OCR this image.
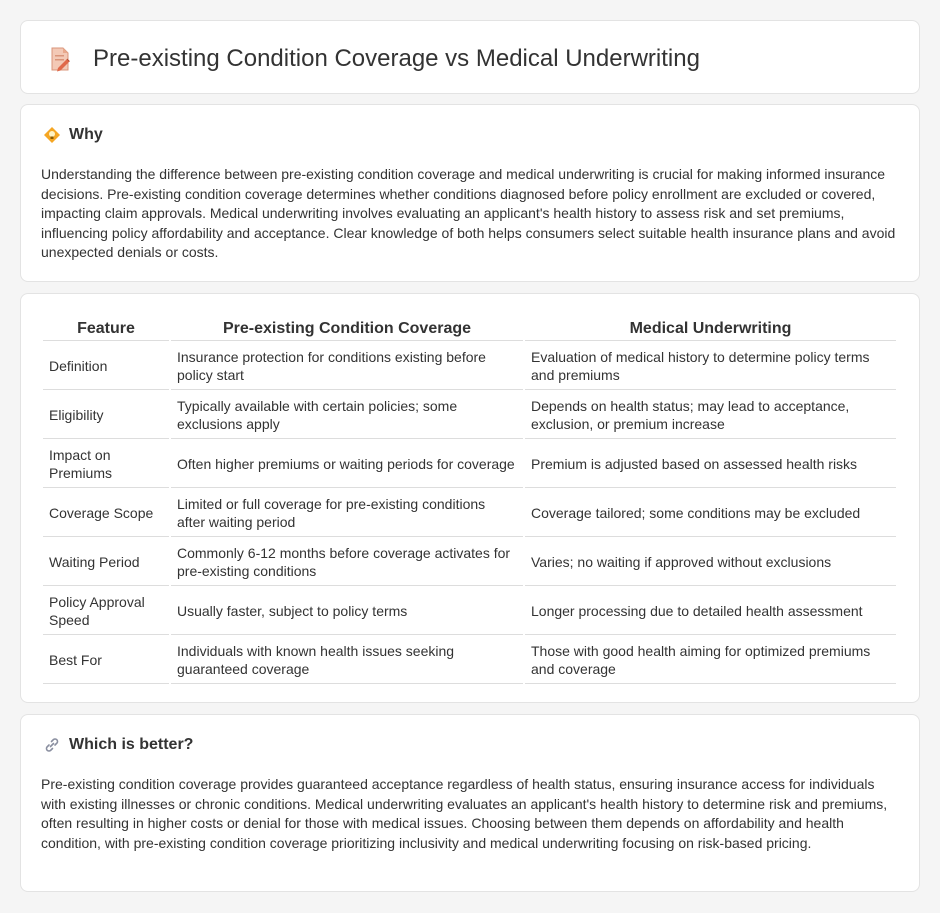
Pre-existing Condition Coverage vs Medical Underwriting
Why

Understanding the difference between pre-existing condition coverage and medical underwriting is crucial for making informed insurance decisions. Pre-existing condition coverage determines whether conditions diagnosed before policy enrollment are excluded or covered, impacting claim approvals. Medical underwriting involves evaluating an applicant's health history to assess risk and set premiums, influencing policy affordability and acceptance. Clear knowledge of both helps consumers select suitable health insurance plans and avoid unexpected denials or costs.

Feature	Pre-existing Condition Coverage	Medical Underwriting
Definition	Insurance protection for conditions existing before policy start	Evaluation of medical history to determine policy terms and premiums
Eligibility	Typically available with certain policies; some exclusions apply	Depends on health status; may lead to acceptance, exclusion, or premium increase
Impact on Premiums	Often higher premiums or waiting periods for coverage	Premium is adjusted based on assessed health risks
Coverage Scope	Limited or full coverage for pre-existing conditions after waiting period	Coverage tailored; some conditions may be excluded
Waiting Period	Commonly 6-12 months before coverage activates for pre-existing conditions	Varies; no waiting if approved without exclusions
Policy Approval Speed	Usually faster, subject to policy terms	Longer processing due to detailed health assessment
Best For	Individuals with known health issues seeking guaranteed coverage	Those with good health aiming for optimized premiums and coverage
Which is better?

Pre-existing condition coverage provides guaranteed acceptance regardless of health status, ensuring insurance access for individuals with existing illnesses or chronic conditions. Medical underwriting evaluates an applicant's health history to determine risk and premiums, often resulting in higher costs or denial for those with medical issues. Choosing between them depends on affordability and health condition, with pre-existing condition coverage prioritizing inclusivity and medical underwriting focusing on risk-based pricing.
